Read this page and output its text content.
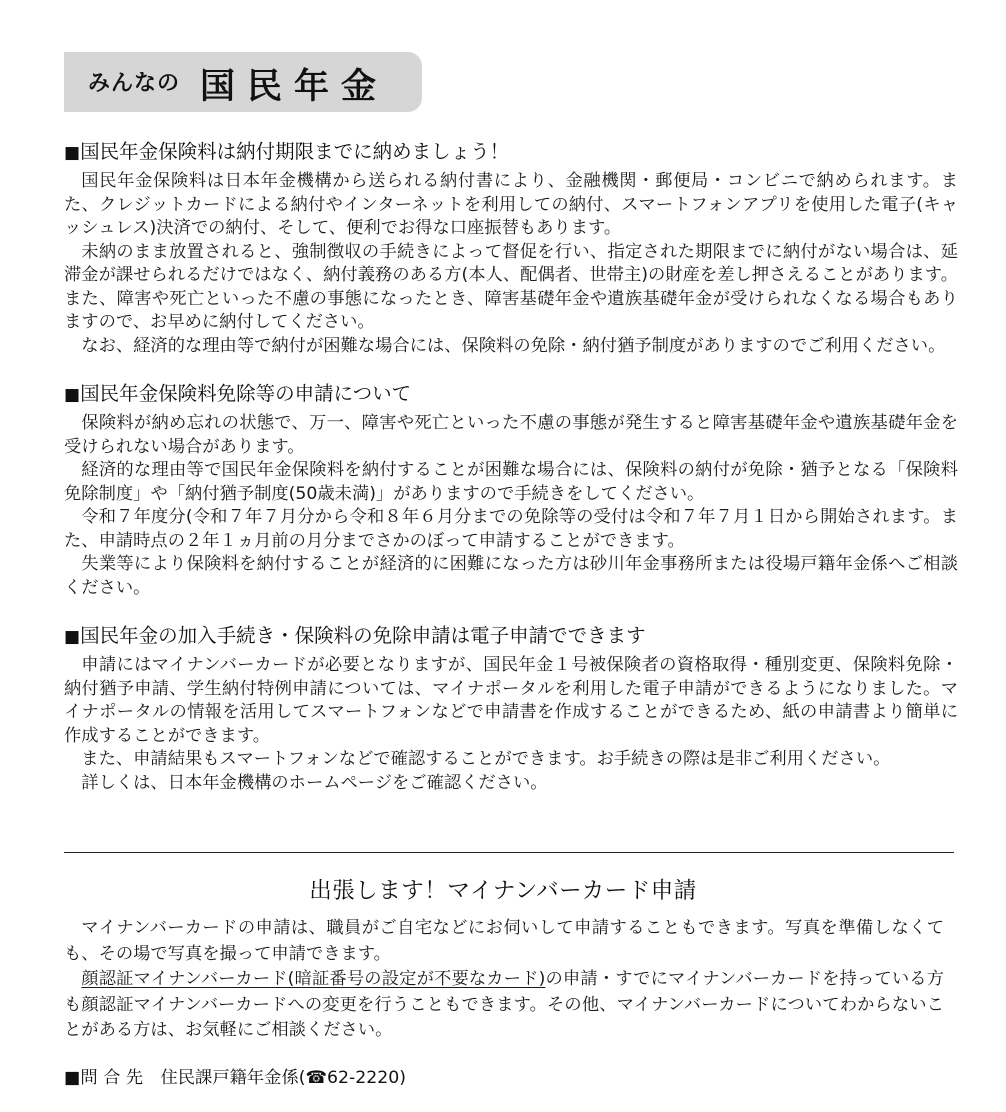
みんなの 国民年金
■国民年金保険料は納付期限までに納めましょう！

国民年金保険料は日本年金機構から送られる納付書により、金融機関・郵便局・コンビニで納められます。また、クレジットカードによる納付やインターネットを利用しての納付、スマートフォンアプリを使用した電子(キャッシュレス)決済での納付、そして、便利でお得な口座振替もあります。

未納のまま放置されると、強制徴収の手続きによって督促を行い、指定された期限までに納付がない場合は、延滞金が課せられるだけではなく、納付義務のある方(本人、配偶者、世帯主)の財産を差し押さえることがあります。また、障害や死亡といった不慮の事態になったとき、障害基礎年金や遺族基礎年金が受けられなくなる場合もありますので、お早めに納付してください。

なお、経済的な理由等で納付が困難な場合には、保険料の免除・納付猶予制度がありますのでご利用ください。

■国民年金保険料免除等の申請について

保険料が納め忘れの状態で、万一、障害や死亡といった不慮の事態が発生すると障害基礎年金や遺族基礎年金を受けられない場合があります。

経済的な理由等で国民年金保険料を納付することが困難な場合には、保険料の納付が免除・猶予となる「保険料免除制度」や「納付猶予制度(50歳未満)」がありますので手続きをしてください。

令和７年度分(令和７年７月分から令和８年６月分までの免除等の受付は令和７年７月１日から開始されます。また、申請時点の２年１ヵ月前の月分までさかのぼって申請することができます。

失業等により保険料を納付することが経済的に困難になった方は砂川年金事務所または役場戸籍年金係へご相談ください。

■国民年金の加入手続き・保険料の免除申請は電子申請でできます

申請にはマイナンバーカードが必要となりますが、国民年金１号被保険者の資格取得・種別変更、保険料免除・納付猶予申請、学生納付特例申請については、マイナポータルを利用した電子申請ができるようになりました。マイナポータルの情報を活用してスマートフォンなどで申請書を作成することができるため、紙の申請書より簡単に作成することができます。

また、申請結果もスマートフォンなどで確認することができます。お手続きの際は是非ご利用ください。

詳しくは、日本年金機構のホームページをご確認ください。

出張します！マイナンバーカード申請

マイナンバーカードの申請は、職員がご自宅などにお伺いして申請することもできます。写真を準備しなくても、その場で写真を撮って申請できます。

顔認証マイナンバーカード(暗証番号の設定が不要なカード)の申請・すでにマイナンバーカードを持っている方も顔認証マイナンバーカードへの変更を行うこともできます。その他、マイナンバーカードについてわからないことがある方は、お気軽にご相談ください。

■問 合 先　 住民課戸籍年金係(☎62-2220)
